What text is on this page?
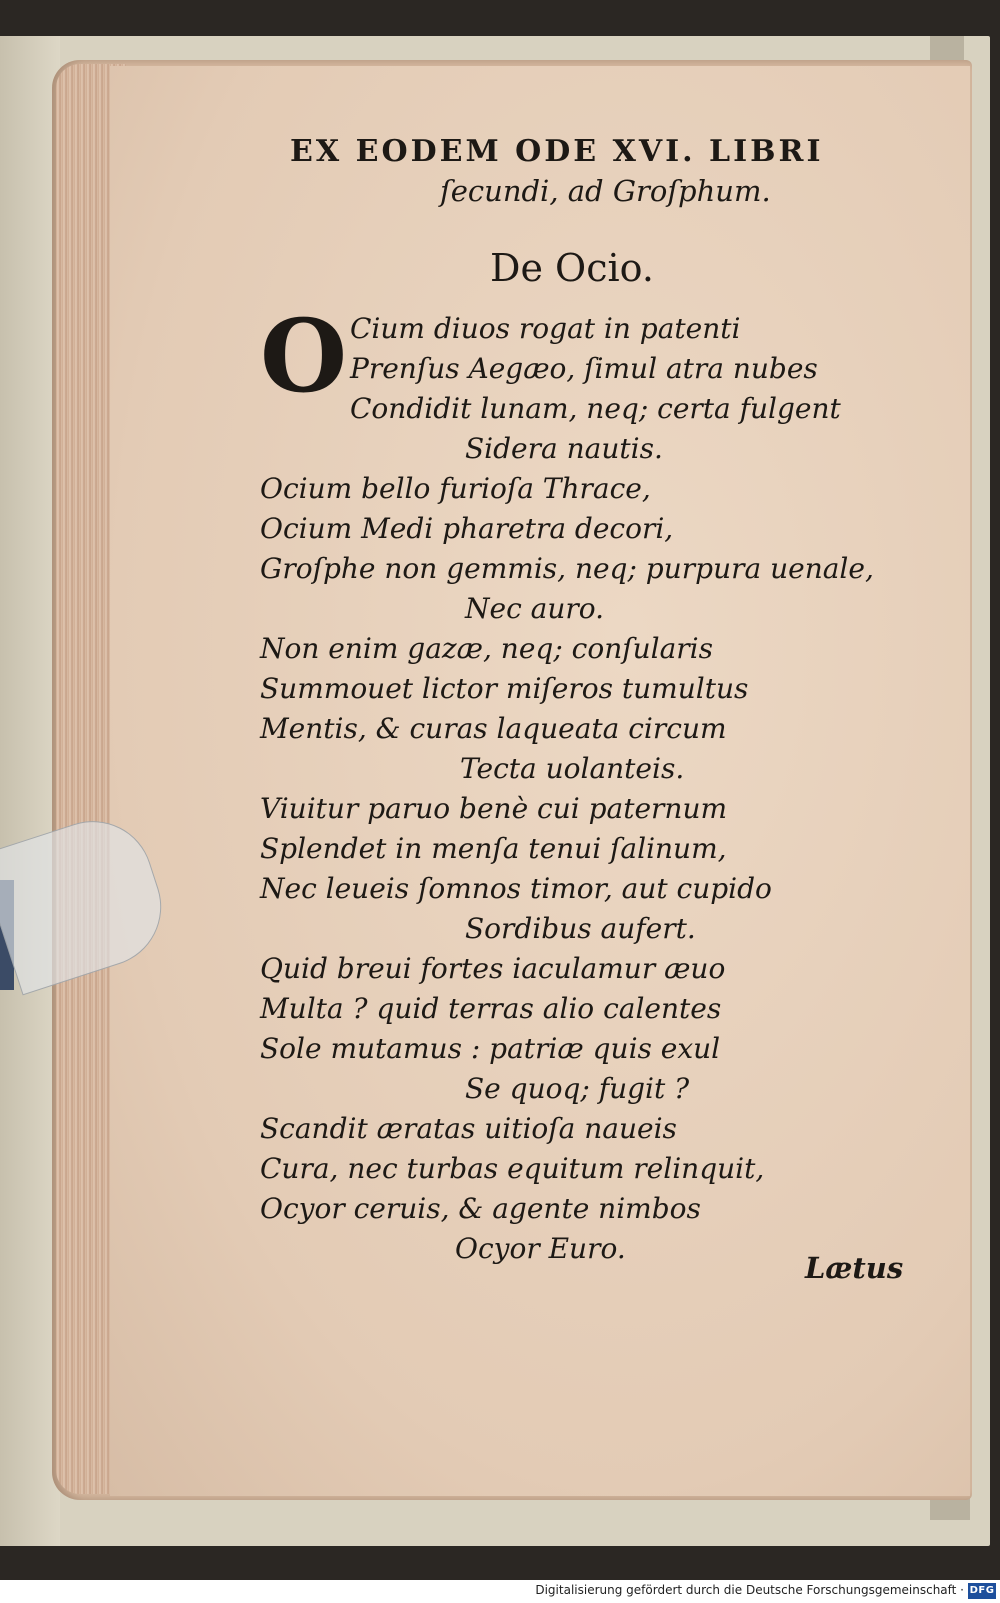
EX EODEM ODE XVI. LIBRI
ſecundi, ad Groſphum.
De Ocio.
O Cium diuos rogat in patenti
Prenſus Aegæo, ſimul atra nubes
Condidit lunam, neq; certa fulgent
Sidera nautis.
Ocium bello furioſa Thrace,
Ocium Medi pharetra decori,
Groſphe non gemmis, neq; purpura uenale,
Nec auro.
Non enim gazæ, neq; conſularis
Summouet lictor miſeros tumultus
Mentis, & curas laqueata circum
Tecta uolanteis.
Viuitur paruo benè cui paternum
Splendet in menſa tenui ſalinum,
Nec leueis ſomnos timor, aut cupido
Sordibus aufert.
Quid breui fortes iaculamur æuo
Multa ? quid terras alio calentes
Sole mutamus : patriæ quis exul
Se quoq; fugit ?
Scandit æratas uitioſa naueis
Cura, nec turbas equitum relinquit,
Ocyor ceruis, & agente nimbos
Ocyor Euro.
Lætus
Digitalisierung gefördert durch die Deutsche Forschungsgemeinschaft · DFG
